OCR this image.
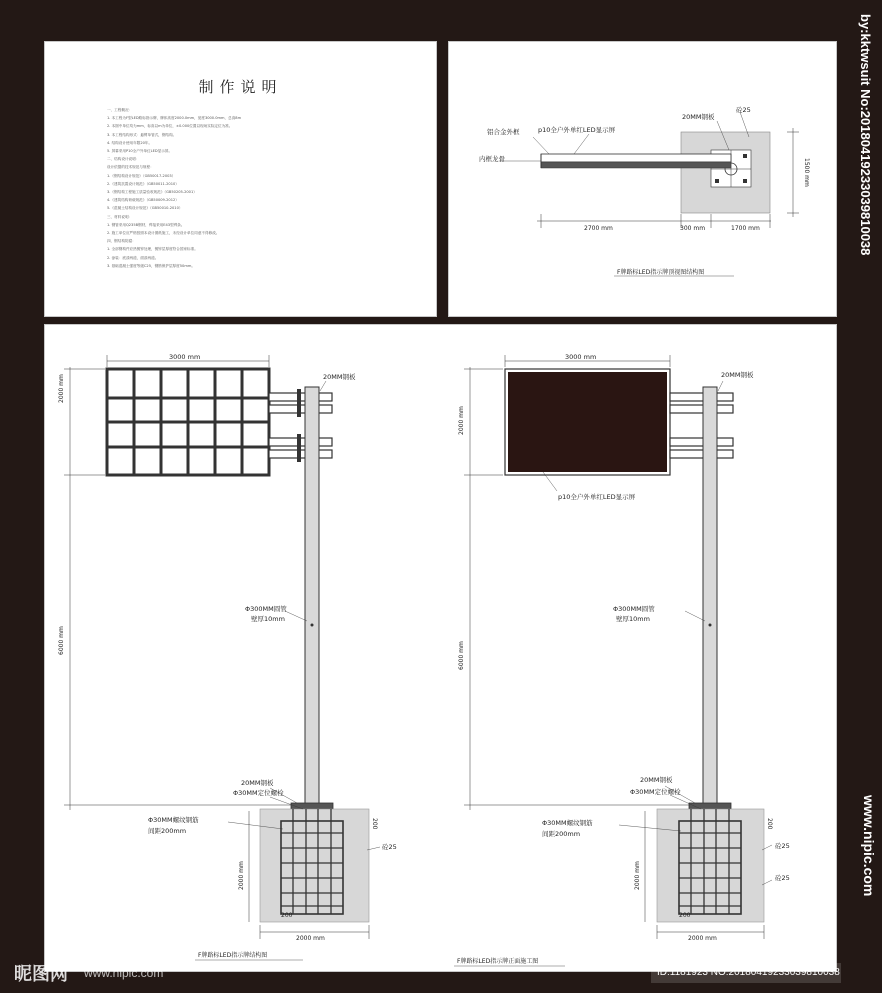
制作说明
一、工程概况：
1. 本工程为F型LED路标指示牌，牌体高度2000.0mm，宽度3000.0mm，总高8m
2. 本图中单位均为mm，标高以m为单位，±0.000位置以现场实际定位为准。
3. 本工程结构形式：悬臂单管式，钢结构。
4. 结构设计使用年限20年。
5. 屏幕采用P10全户外单红LED显示屏。
二、结构设计说明：
设计依据的技术规范与规程：
1.《钢结构设计规范》（GB50017-2003）
2.《建筑抗震设计规范》（GB50011-2010）
3.《钢结构工程施工质量验收规范》（GB50205-2001）
4.《建筑结构荷载规范》（GB50009-2012）
5.《混凝土结构设计规范》（GB50010-2010）
三、材料说明：
1. 钢管采用Q235B钢材，焊接采用E43型焊条。
2. 施工单位应严格按照本设计图纸施工，未经设计单位同意不得修改。
四、钢结构防腐：
1. 全部钢构件应热镀锌处理，镀锌层厚度符合国家标准。
2. 涂装：底漆两道，面漆两道。
3. 基础混凝土强度等级C25，钢筋保护层厚度50mm。
铝合金外框	p10全户外单红LED显示屏
内框龙骨
20MM钢板
砼25
2700 mm	300 mm	1700 mm
1500 mm
F牌路标LED指示牌顶视图结构图
2000 mm
6000 mm
3000 mm
2000 mm
2000 mm
200
200
20MM钢板
Φ300MM圆管
壁厚10mm
20MM钢板
Φ30MM定位螺栓
Φ30MM螺纹钢筋
间距200mm
砼25
F牌路标LED指示牌结构图
2000 mm
6000 mm
3000 mm
2000 mm
2000 mm
200
200
20MM钢板
p10全户外单红LED显示屏
Φ300MM圆管
壁厚10mm
20MM钢板
Φ30MM定位螺栓
Φ30MM螺纹钢筋
间距200mm
砼25
砼25
F牌路标LED指示牌正面施工图
by:kktwsuit No:20180419233039810038
www.nipic.com
昵图网 www.nipic.com	ID:1181923 NO:20180419233039810038
